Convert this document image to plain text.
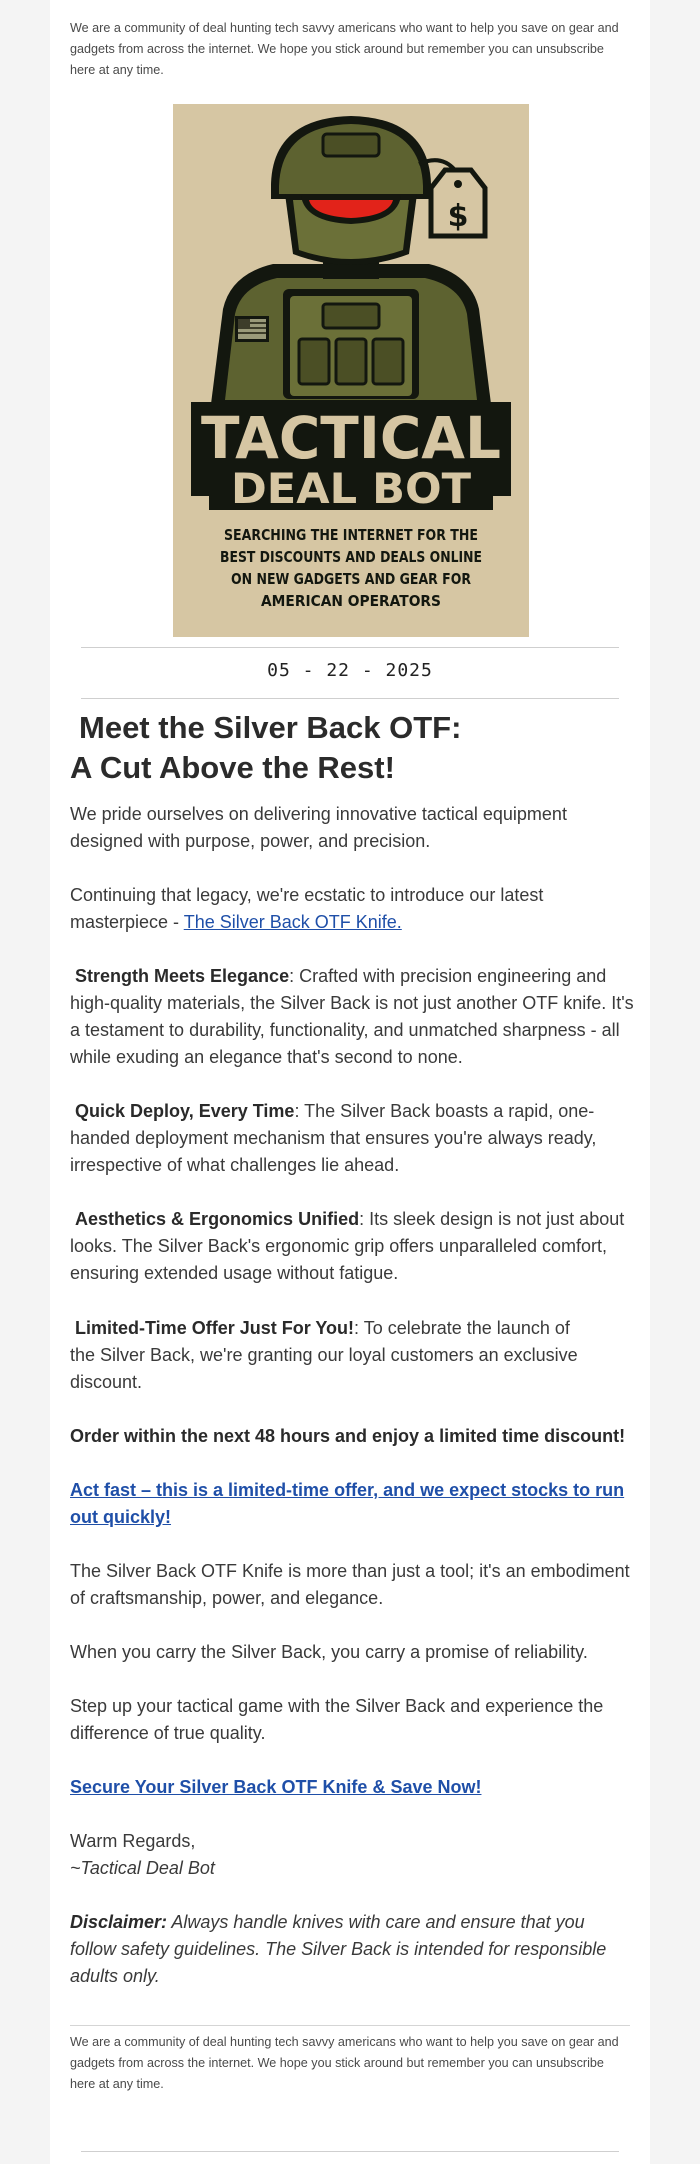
We are a community of deal hunting tech savvy americans who want to help you save on gear and gadgets from across the internet. We hope you stick around but remember you can unsubscribe here at any time.
$
TACTICAL
DEAL BOT
SEARCHING THE INTERNET FOR THE
BEST DISCOUNTS AND DEALS ONLINE
ON NEW GADGETS AND GEAR FOR
AMERICAN OPERATORS
05 - 22 - 2025
Meet the Silver Back OTF:
A Cut Above the Rest!

We pride ourselves on delivering innovative tactical equipment designed with purpose, power, and precision.

Continuing that legacy, we're ecstatic to introduce our latest masterpiece - The Silver Back OTF Knife.

Strength Meets Elegance: Crafted with precision engineering and high-quality materials, the Silver Back is not just another OTF knife. It's a testament to durability, functionality, and unmatched sharpness - all while exuding an elegance that's second to none.

Quick Deploy, Every Time: The Silver Back boasts a rapid, one-handed deployment mechanism that ensures you're always ready, irrespective of what challenges lie ahead.

Aesthetics & Ergonomics Unified: Its sleek design is not just about looks. The Silver Back's ergonomic grip offers unparalleled comfort, ensuring extended usage without fatigue.

Limited-Time Offer Just For You!: To celebrate the launch of the Silver Back, we're granting our loyal customers an exclusive discount.

Order within the next 48 hours and enjoy a limited time discount!

Act fast – this is a limited-time offer, and we expect stocks to run out quickly!

The Silver Back OTF Knife is more than just a tool; it's an embodiment of craftsmanship, power, and elegance.

When you carry the Silver Back, you carry a promise of reliability.

Step up your tactical game with the Silver Back and experience the difference of true quality.

Secure Your Silver Back OTF Knife & Save Now!

Warm Regards,
~Tactical Deal Bot

Disclaimer: Always handle knives with care and ensure that you follow safety guidelines. The Silver Back is intended for responsible adults only.

We are a community of deal hunting tech savvy americans who want to help you save on gear and gadgets from across the internet. We hope you stick around but remember you can unsubscribe here at any time.
